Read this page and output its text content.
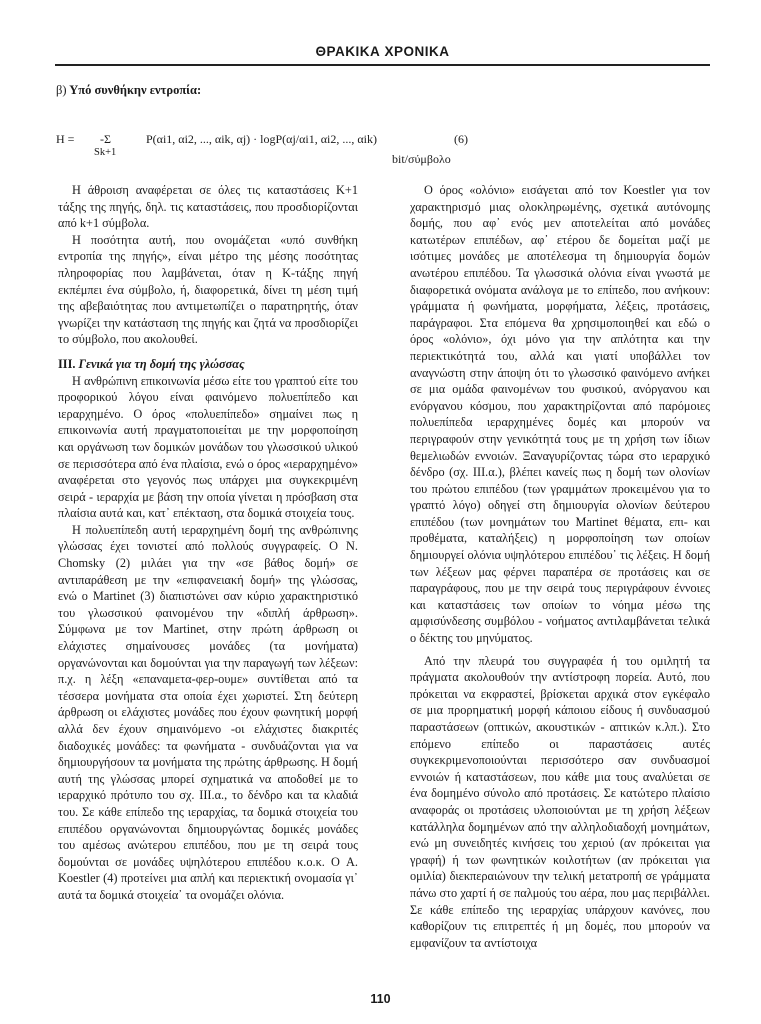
ΘΡΑΚΙΚΑ ΧΡΟΝΙΚΑ
β) Υπό συνθήκην εντροπία:
H = -Σ
Sk+1
P(αi1, αi2, ..., αik, αj) · logP(αj/αi1, αi2, ..., αik)	(6)
bit/σύμβολο

Η άθροιση αναφέρεται σε όλες τις καταστάσεις K+1 τάξης της πηγής, δηλ. τις καταστάσεις, που προσδιορίζονται από k+1 σύμβολα.

Η ποσότητα αυτή, που ονομάζεται «υπό συνθήκη εντροπία της πηγής», είναι μέτρο της μέσης ποσότητας πληροφορίας που λαμβάνεται, όταν η K-τάξης πηγή εκπέμπει ένα σύμβολο, ή, διαφορετικά, δίνει τη μέση τιμή της αβεβαιότητας που αντιμετωπίζει ο παρατηρητής, όταν γνωρίζει την κατάσταση της πηγής και ζητά να προσδιορίζει το σύμβολο, που ακολουθεί.

III. Γενικά για τη δομή της γλώσσας

Η ανθρώπινη επικοινωνία μέσω είτε του γραπτού είτε του προφορικού λόγου είναι φαινόμενο πολυεπίπεδο και ιεραρχημένο. Ο όρος «πολυεπίπεδο» σημαίνει πως η επικοινωνία αυτή πραγματοποιείται με την μορφοποίηση και οργάνωση των δομικών μονάδων του γλωσσικού υλικού σε περισσότερα από ένα πλαίσια, ενώ ο όρος «ιεραρχημένο» αναφέρεται στο γεγονός πως υπάρχει μια συγκεκριμένη σειρά - ιεραρχία με βάση την οποία γίνεται η πρόσβαση στα πλαίσια αυτά και, κατ᾽ επέκταση, στα δομικά στοιχεία τους.

Η πολυεπίπεδη αυτή ιεραρχημένη δομή της ανθρώπινης γλώσσας έχει τονιστεί από πολλούς συγγραφείς. Ο N. Chomsky (2) μιλάει για την «σε βάθος δομή» σε αντιπαράθεση με την «επιφανειακή δομή» της γλώσσας, ενώ ο Martinet (3) διαπιστώνει σαν κύριο χαρακτηριστικό του γλωσσικού φαινομένου την «διπλή άρθρωση». Σύμφωνα με τον Martinet, στην πρώτη άρθρωση οι ελάχιστες σημαίνουσες μονάδες (τα μονήματα) οργανώνονται και δομούνται για την παραγωγή των λέξεων: π.χ. η λέξη «επαναμετα-φερ-ουμε» συντίθεται από τα τέσσερα μονήματα στα οποία έχει χωριστεί. Στη δεύτερη άρθρωση οι ελάχιστες μονάδες που έχουν φωνητική μορφή αλλά δεν έχουν σημαινόμενο -οι ελάχιστες διακριτές διαδοχικές μονάδες: τα φωνήματα - συνδυάζονται για να δημιουργήσουν τα μονήματα της πρώτης άρθρωσης. Η δομή αυτή της γλώσσας μπορεί σχηματικά να αποδοθεί με το ιεραρχικό πρότυπο του σχ. III.α., το δένδρο και τα κλαδιά του. Σε κάθε επίπεδο της ιεραρχίας, τα δομικά στοιχεία του επιπέδου οργανώνονται δημιουργώντας δομικές μονάδες του αμέσως ανώτερου επιπέδου, που με τη σειρά τους δομούνται σε μονάδες υψηλότερου επιπέδου κ.ο.κ. Ο A. Koestler (4) προτείνει μια απλή και περιεκτική ονομασία γι᾽ αυτά τα δομικά στοιχεία᾽ τα ονομάζει ολόνια.

Ο όρος «ολόνιο» εισάγεται από τον Koestler για τον χαρακτηρισμό μιας ολοκληρωμένης, σχετικά αυτόνομης δομής, που αφ᾽ ενός μεν αποτελείται από μονάδες κατωτέρων επιπέδων, αφ᾽ ετέρου δε δομείται μαζί με ισότιμες μονάδες με αποτέλεσμα τη δημιουργία δομών ανωτέρου επιπέδου. Τα γλωσσικά ολόνια είναι γνωστά με διαφορετικά ονόματα ανάλογα με το επίπεδο, που ανήκουν: γράμματα ή φωνήματα, μορφήματα, λέξεις, προτάσεις, παράγραφοι. Στα επόμενα θα χρησιμοποιηθεί και εδώ ο όρος «ολόνιο», όχι μόνο για την απλότητα και την περιεκτικότητά του, αλλά και γιατί υποβάλλει τον αναγνώστη στην άποψη ότι το γλωσσικό φαινόμενο ανήκει σε μια ομάδα φαινομένων του φυσικού, ανόργανου και ενόργανου κόσμου, που χαρακτηρίζονται από παρόμοιες πολυεπίπεδα ιεραρχημένες δομές και μπορούν να περιγραφούν στην γενικότητά τους με τη χρήση των ίδιων θεμελιωδών εννοιών. Ξαναγυρίζοντας τώρα στο ιεραρχικό δένδρο (σχ. III.α.), βλέπει κανείς πως η δομή των ολονίων του πρώτου επιπέδου (των γραμμάτων προκειμένου για το γραπτό λόγο) οδηγεί στη δημιουργία ολονίων δεύτερου επιπέδου (των μονημάτων του Martinet θέματα, επι- και προθέματα, καταλήξεις) η μορφοποίηση των οποίων δημιουργεί ολόνια υψηλότερου επιπέδου᾽ τις λέξεις. Η δομή των λέξεων μας φέρνει παραπέρα σε προτάσεις και σε παραγράφους, που με την σειρά τους περιγράφουν έννοιες και καταστάσεις των οποίων το νόημα μέσω της αμφισύνδεσης συμβόλου - νοήματος αντιλαμβάνεται τελικά ο δέκτης του μηνύματος.

Από την πλευρά του συγγραφέα ή του ομιλητή τα πράγματα ακολουθούν την αντίστροφη πορεία. Αυτό, που πρόκειται να εκφραστεί, βρίσκεται αρχικά στον εγκέφαλο σε μια προρηματική μορφή κάποιου είδους ή συνδυασμού παραστάσεων (οπτικών, ακουστικών - απτικών κ.λπ.). Στο επόμενο επίπεδο οι παραστάσεις αυτές συγκεκριμενοποιούνται περισσότερο σαν συνδυασμοί εννοιών ή καταστάσεων, που κάθε μια τους αναλύεται σε ένα δομημένο σύνολο από προτάσεις. Σε κατώτερο πλαίσιο αναφοράς οι προτάσεις υλοποιούνται με τη χρήση λέξεων κατάλληλα δομημένων από την αλληλοδιαδοχή μονημάτων, ενώ μη συνειδητές κινήσεις του χεριού (αν πρόκειται για γραφή) ή των φωνητικών κοιλοτήτων (αν πρόκειται για ομιλία) διεκπεραιώνουν την τελική μετατροπή σε γράμματα πάνω στο χαρτί ή σε παλμούς του αέρα, που μας περιβάλλει. Σε κάθε επίπεδο της ιεραρχίας υπάρχουν κανόνες, που καθορίζουν τις επιτρεπτές ή μη δομές, που μπορούν να εμφανίζουν τα αντίστοιχα

110
